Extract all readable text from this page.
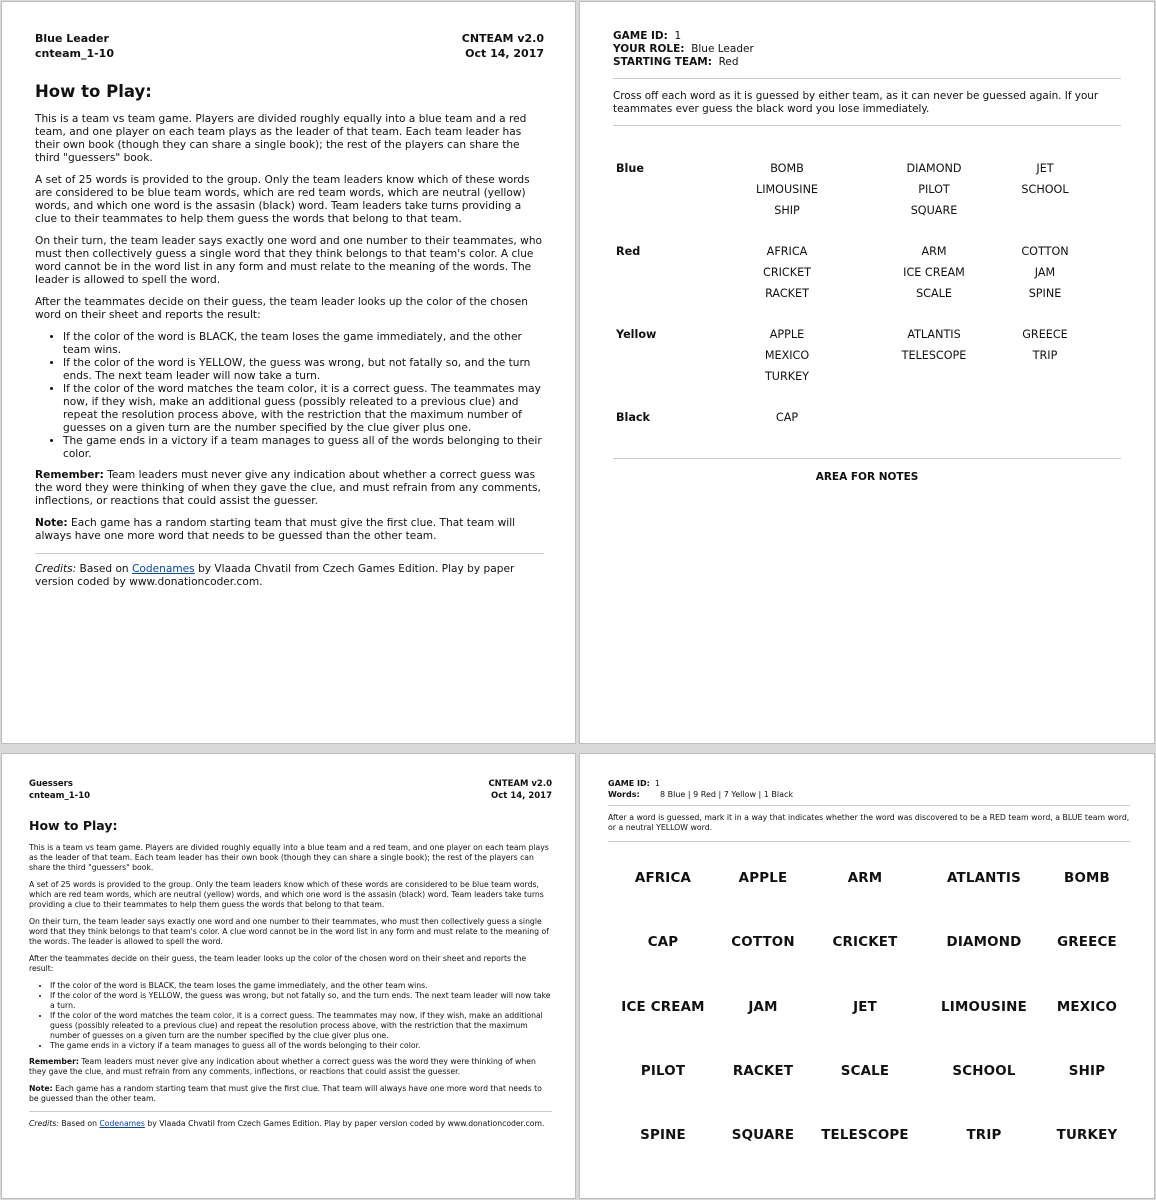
Blue Leader
cnteam_1-10
CNTEAM v2.0
Oct 14, 2017
How to Play:

This is a team vs team game. Players are divided roughly equally into a blue team and a red team, and one player on each team plays as the leader of that team. Each team leader has their own book (though they can share a single book); the rest of the players can share the third "guessers" book.

A set of 25 words is provided to the group. Only the team leaders know which of these words are considered to be blue team words, which are red team words, which are neutral (yellow) words, and which one word is the assasin (black) word. Team leaders take turns providing a clue to their teammates to help them guess the words that belong to that team.

On their turn, the team leader says exactly one word and one number to their teammates, who must then collectively guess a single word that they think belongs to that team's color. A clue word cannot be in the word list in any form and must relate to the meaning of the words. The leader is allowed to spell the word.

After the teammates decide on their guess, the team leader looks up the color of the chosen word on their sheet and reports the result:

• If the color of the word is BLACK, the team loses the game immediately, and the other team wins.
• If the color of the word is YELLOW, the guess was wrong, but not fatally so, and the turn ends. The next team leader will now take a turn.
• If the color of the word matches the team color, it is a correct guess. The teammates may now, if they wish, make an additional guess (possibly releated to a previous clue) and repeat the resolution process above, with the restriction that the maximum number of guesses on a given turn are the number specified by the clue giver plus one.
• The game ends in a victory if a team manages to guess all of the words belonging to their color.

Remember: Team leaders must never give any indication about whether a correct guess was the word they were thinking of when they gave the clue, and must refrain from any comments, inflections, or reactions that could assist the guesser.

Note: Each game has a random starting team that must give the first clue. That team will always have one more word that needs to be guessed than the other team.

Credits: Based on Codenames by Vlaada Chvatil from Czech Games Edition. Play by paper version coded by www.donationcoder.com.

GAME ID: 1
YOUR ROLE: Blue Leader
STARTING TEAM: Red
Cross off each word as it is guessed by either team, as it can never be guessed again. If your teammates ever guess the black word you lose immediately.
Blue	BOMB	DIAMOND	JET
LIMOUSINE	PILOT	SCHOOL
SHIP	SQUARE
Red	AFRICA	ARM	COTTON
CRICKET	ICE CREAM	JAM
RACKET	SCALE	SPINE
Yellow	APPLE	ATLANTIS	GREECE
MEXICO	TELESCOPE	TRIP
TURKEY
Black	CAP
AREA FOR NOTES
Guessers
cnteam_1-10
CNTEAM v2.0
Oct 14, 2017
How to Play:

This is a team vs team game. Players are divided roughly equally into a blue team and a red team, and one player on each team plays as the leader of that team. Each team leader has their own book (though they can share a single book); the rest of the players can share the third "guessers" book.

A set of 25 words is provided to the group. Only the team leaders know which of these words are considered to be blue team words, which are red team words, which are neutral (yellow) words, and which one word is the assasin (black) word. Team leaders take turns providing a clue to their teammates to help them guess the words that belong to that team.

On their turn, the team leader says exactly one word and one number to their teammates, who must then collectively guess a single word that they think belongs to that team's color. A clue word cannot be in the word list in any form and must relate to the meaning of the words. The leader is allowed to spell the word.

After the teammates decide on their guess, the team leader looks up the color of the chosen word on their sheet and reports the result:

• If the color of the word is BLACK, the team loses the game immediately, and the other team wins.
• If the color of the word is YELLOW, the guess was wrong, but not fatally so, and the turn ends. The next team leader will now take a turn.
• If the color of the word matches the team color, it is a correct guess. The teammates may now, if they wish, make an additional guess (possibly releated to a previous clue) and repeat the resolution process above, with the restriction that the maximum number of guesses on a given turn are the number specified by the clue giver plus one.
• The game ends in a victory if a team manages to guess all of the words belonging to their color.

Remember: Team leaders must never give any indication about whether a correct guess was the word they were thinking of when they gave the clue, and must refrain from any comments, inflections, or reactions that could assist the guesser.

Note: Each game has a random starting team that must give the first clue. That team will always have one more word that needs to be guessed than the other team.

Credits: Based on Codenames by Vlaada Chvatil from Czech Games Edition. Play by paper version coded by www.donationcoder.com.

GAME ID: 1
Words:	8 Blue | 9 Red | 7 Yellow | 1 Black
After a word is guessed, mark it in a way that indicates whether the word was discovered to be a RED team word, a BLUE team word, or a neutral YELLOW word.
AFRICA	APPLE	ARM	ATLANTIS	BOMB
CAP	COTTON	CRICKET	DIAMOND	GREECE
ICE CREAM	JAM	JET	LIMOUSINE	MEXICO
PILOT	RACKET	SCALE	SCHOOL	SHIP
SPINE	SQUARE	TELESCOPE	TRIP	TURKEY
